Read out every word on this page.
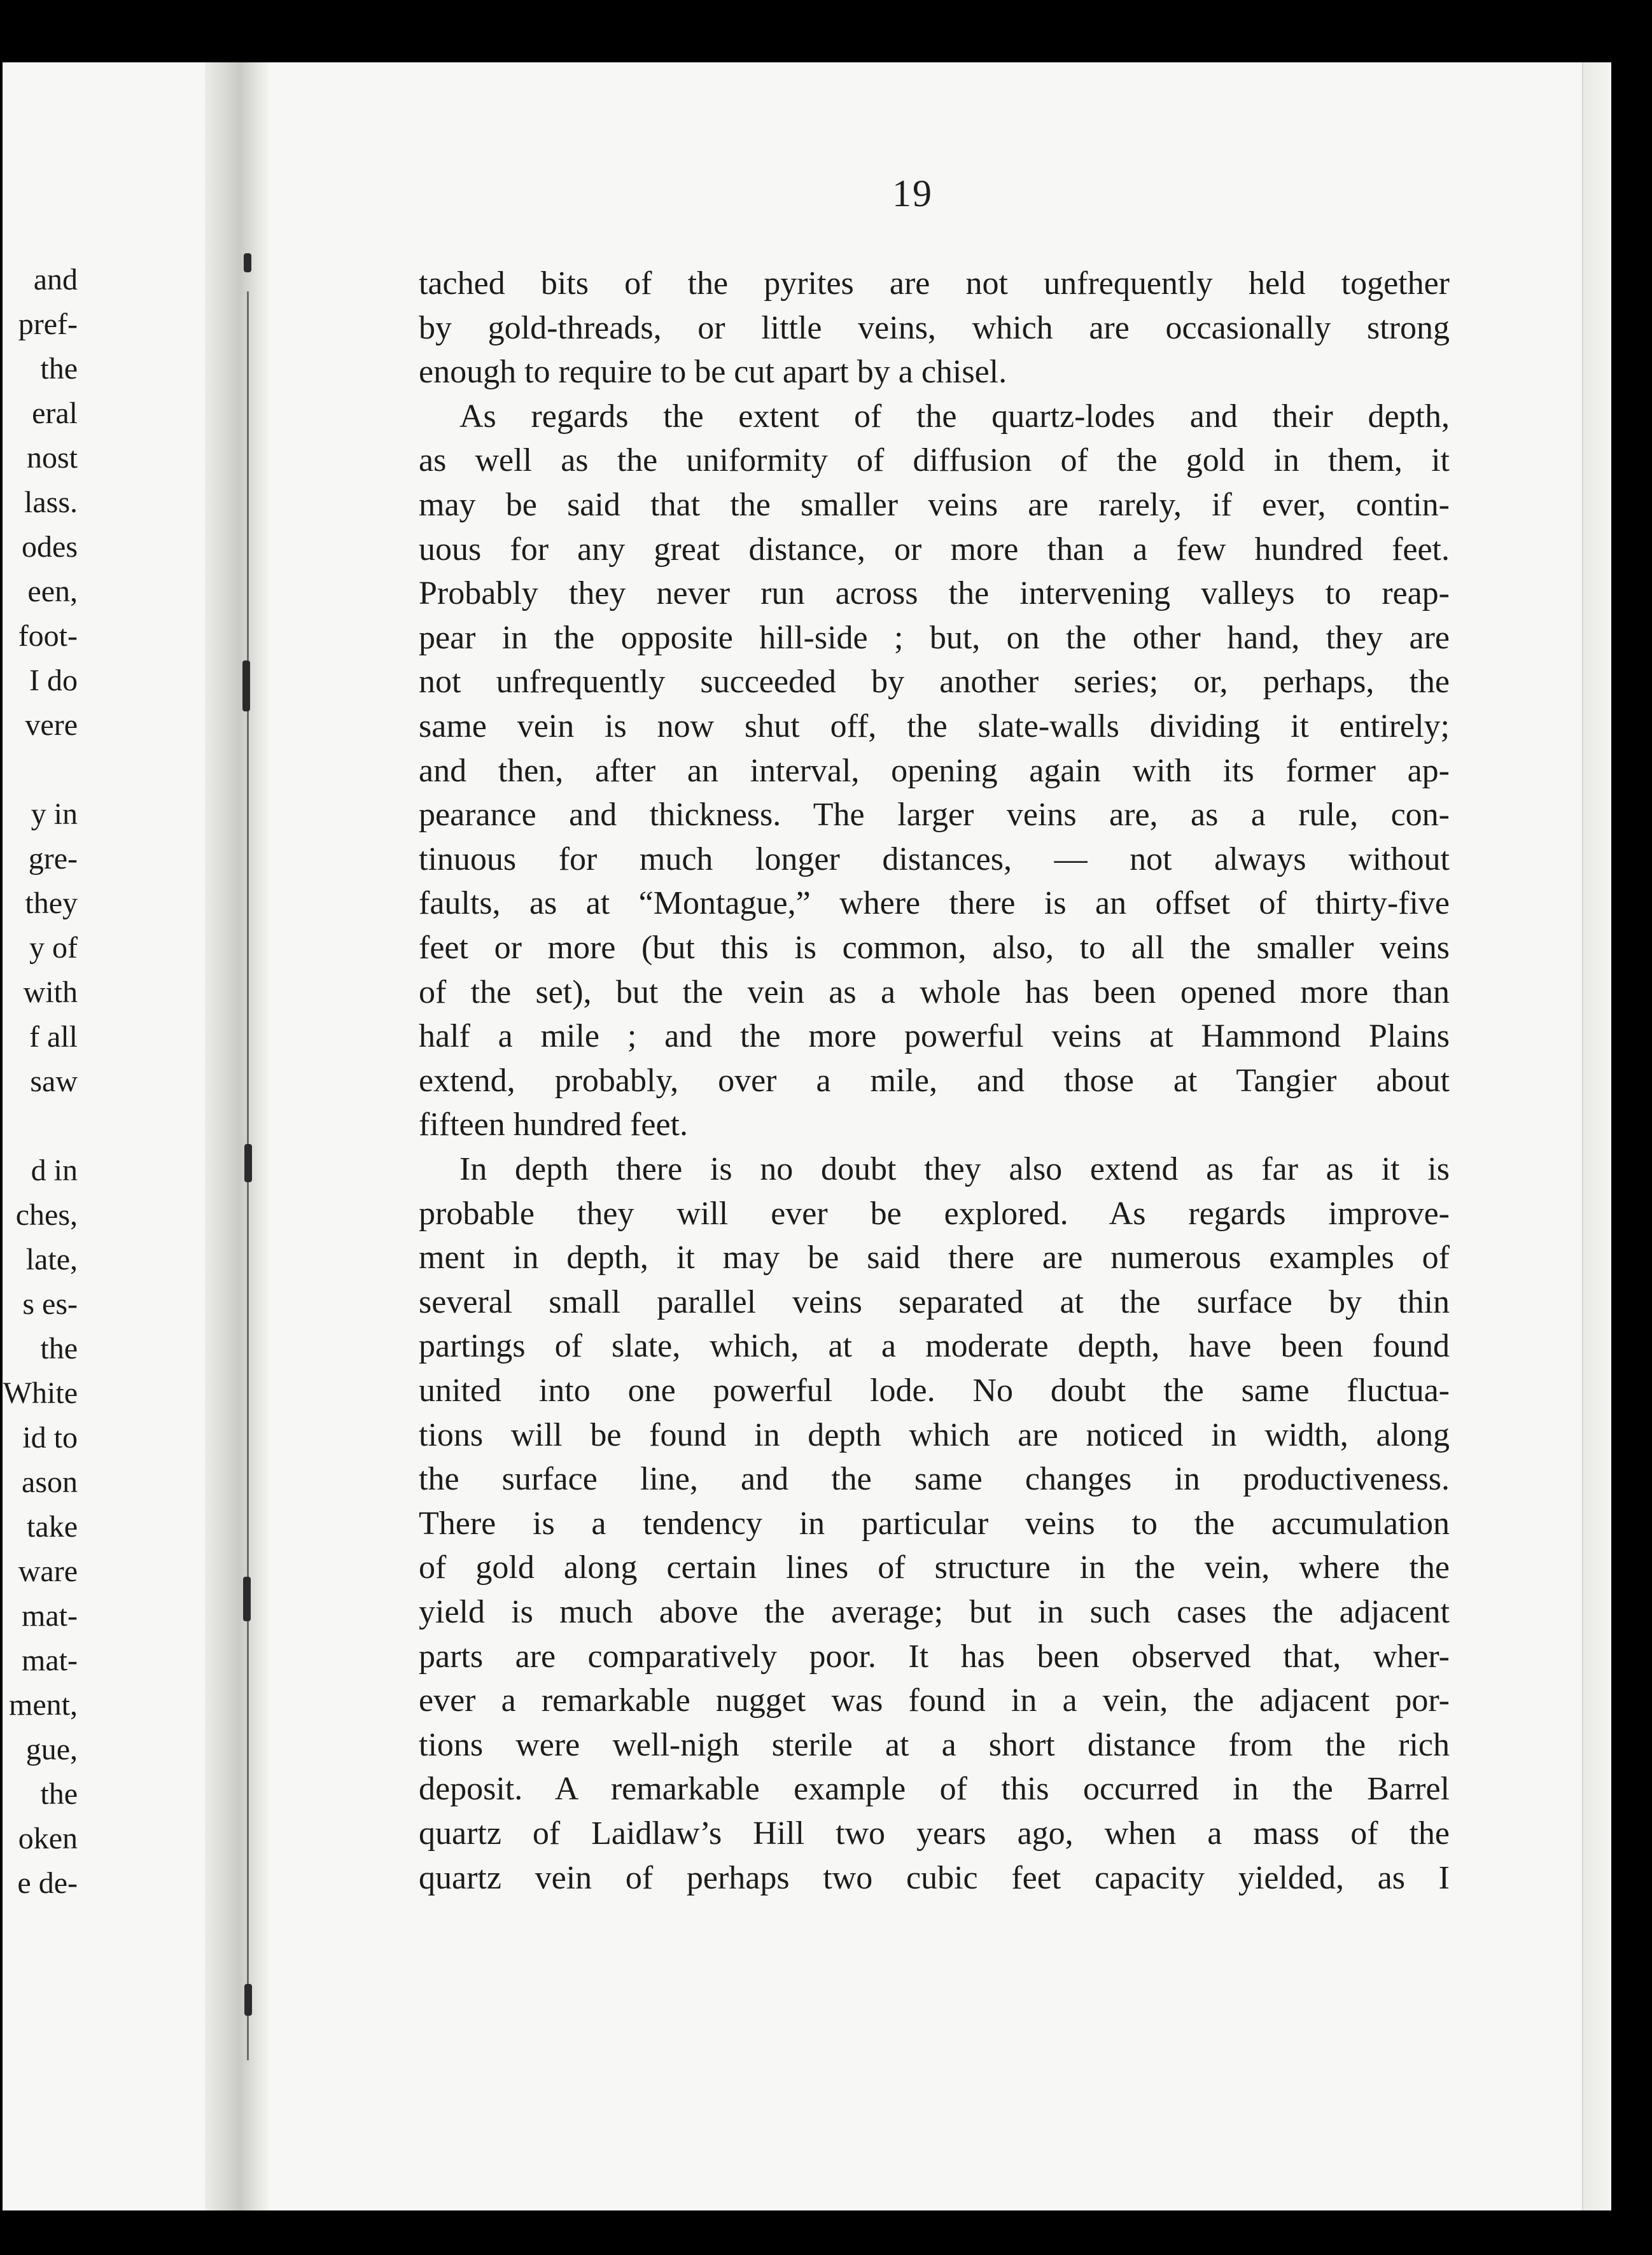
and
pref-
the
eral
nost
lass.
odes
een,
foot-
I do
vere
y in
gre-
they
y of
with
f all
saw
d in
ches,
late,
s es-
the
White
id to
ason
take
ware
mat-
mat-
ment,
gue,
the
oken
e de-
19
tached bits of the pyrites are not unfrequently held together
by gold-threads, or little veins, which are occasionally strong
enough to require to be cut apart by a chisel.
As regards the extent of the quartz-lodes and their depth,
as well as the uniformity of diffusion of the gold in them, it
may be said that the smaller veins are rarely, if ever, contin-
uous for any great distance, or more than a few hundred feet.
Probably they never run across the intervening valleys to reap-
pear in the opposite hill-side ; but, on the other hand, they are
not unfrequently succeeded by another series; or, perhaps, the
same vein is now shut off, the slate-walls dividing it entirely;
and then, after an interval, opening again with its former ap-
pearance and thickness. The larger veins are, as a rule, con-
tinuous for much longer distances, — not always without
faults, as at “Montague,” where there is an offset of thirty-five
feet or more (but this is common, also, to all the smaller veins
of the set), but the vein as a whole has been opened more than
half a mile ; and the more powerful veins at Hammond Plains
extend, probably, over a mile, and those at Tangier about
fifteen hundred feet.
In depth there is no doubt they also extend as far as it is
probable they will ever be explored. As regards improve-
ment in depth, it may be said there are numerous examples of
several small parallel veins separated at the surface by thin
partings of slate, which, at a moderate depth, have been found
united into one powerful lode. No doubt the same fluctua-
tions will be found in depth which are noticed in width, along
the surface line, and the same changes in productiveness.
There is a tendency in particular veins to the accumulation
of gold along certain lines of structure in the vein, where the
yield is much above the average; but in such cases the adjacent
parts are comparatively poor. It has been observed that, wher-
ever a remarkable nugget was found in a vein, the adjacent por-
tions were well-nigh sterile at a short distance from the rich
deposit. A remarkable example of this occurred in the Barrel
quartz of Laidlaw’s Hill two years ago, when a mass of the
quartz vein of perhaps two cubic feet capacity yielded, as I
